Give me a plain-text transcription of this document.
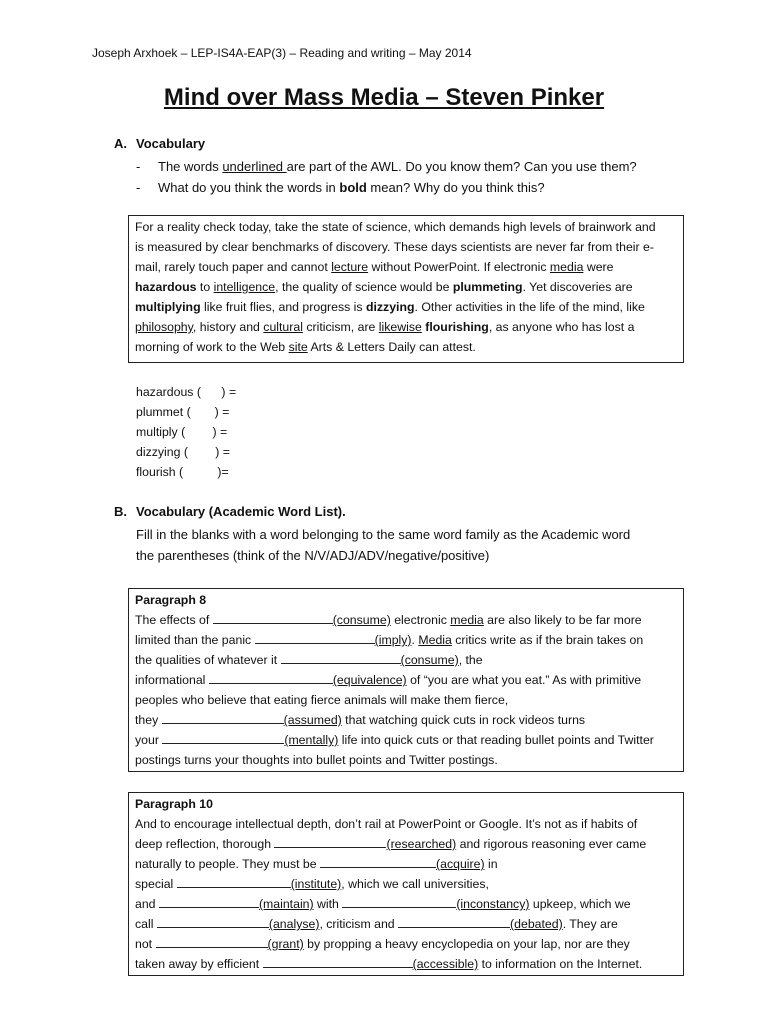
Joseph Arxhoek – LEP-IS4A-EAP(3) – Reading and writing – May 2014
Mind over Mass Media – Steven Pinker
A. Vocabulary
- The words underlined are part of the AWL. Do you know them? Can you use them?
- What do you think the words in bold mean? Why do you think this?

For a reality check today, take the state of science, which demands high levels of brainwork and

is measured by clear benchmarks of discovery. These days scientists are never far from their e-

mail, rarely touch paper and cannot lecture without PowerPoint. If electronic media were

hazardous to intelligence, the quality of science would be plummeting. Yet discoveries are

multiplying like fruit flies, and progress is dizzying. Other activities in the life of the mind, like

philosophy, history and cultural criticism, are likewise flourishing, as anyone who has lost a

morning of work to the Web site Arts & Letters Daily can attest.

hazardous (      ) =
plummet (       ) =
multiply (        ) =
dizzying (        ) =
flourish (          )=
B. Vocabulary (Academic Word List).
Fill in the blanks with a word belonging to the same word family as the Academic word
the parentheses (think of the N/V/ADJ/ADV/negative/positive)

Paragraph 8

The effects of	(consume) electronic media are also likely to be far more

limited than the panic	(imply). Media critics write as if the brain takes on

the qualities of whatever it	(consume), the

informational	(equivalence) of “you are what you eat.” As with primitive

peoples who believe that eating fierce animals will make them fierce,

they	(assumed) that watching quick cuts in rock videos turns

your	(mentally) life into quick cuts or that reading bullet points and Twitter

postings turns your thoughts into bullet points and Twitter postings.

Paragraph 10

And to encourage intellectual depth, don’t rail at PowerPoint or Google. It’s not as if habits of

deep reflection, thorough	(researched) and rigorous reasoning ever came

naturally to people. They must be	(acquire) in

special	(institute), which we call universities,

and	(maintain) with	(inconstancy) upkeep, which we

call	(analyse), criticism and	(debated). They are

not	(grant) by propping a heavy encyclopedia on your lap, nor are they

taken away by efficient	(accessible) to information on the Internet.
